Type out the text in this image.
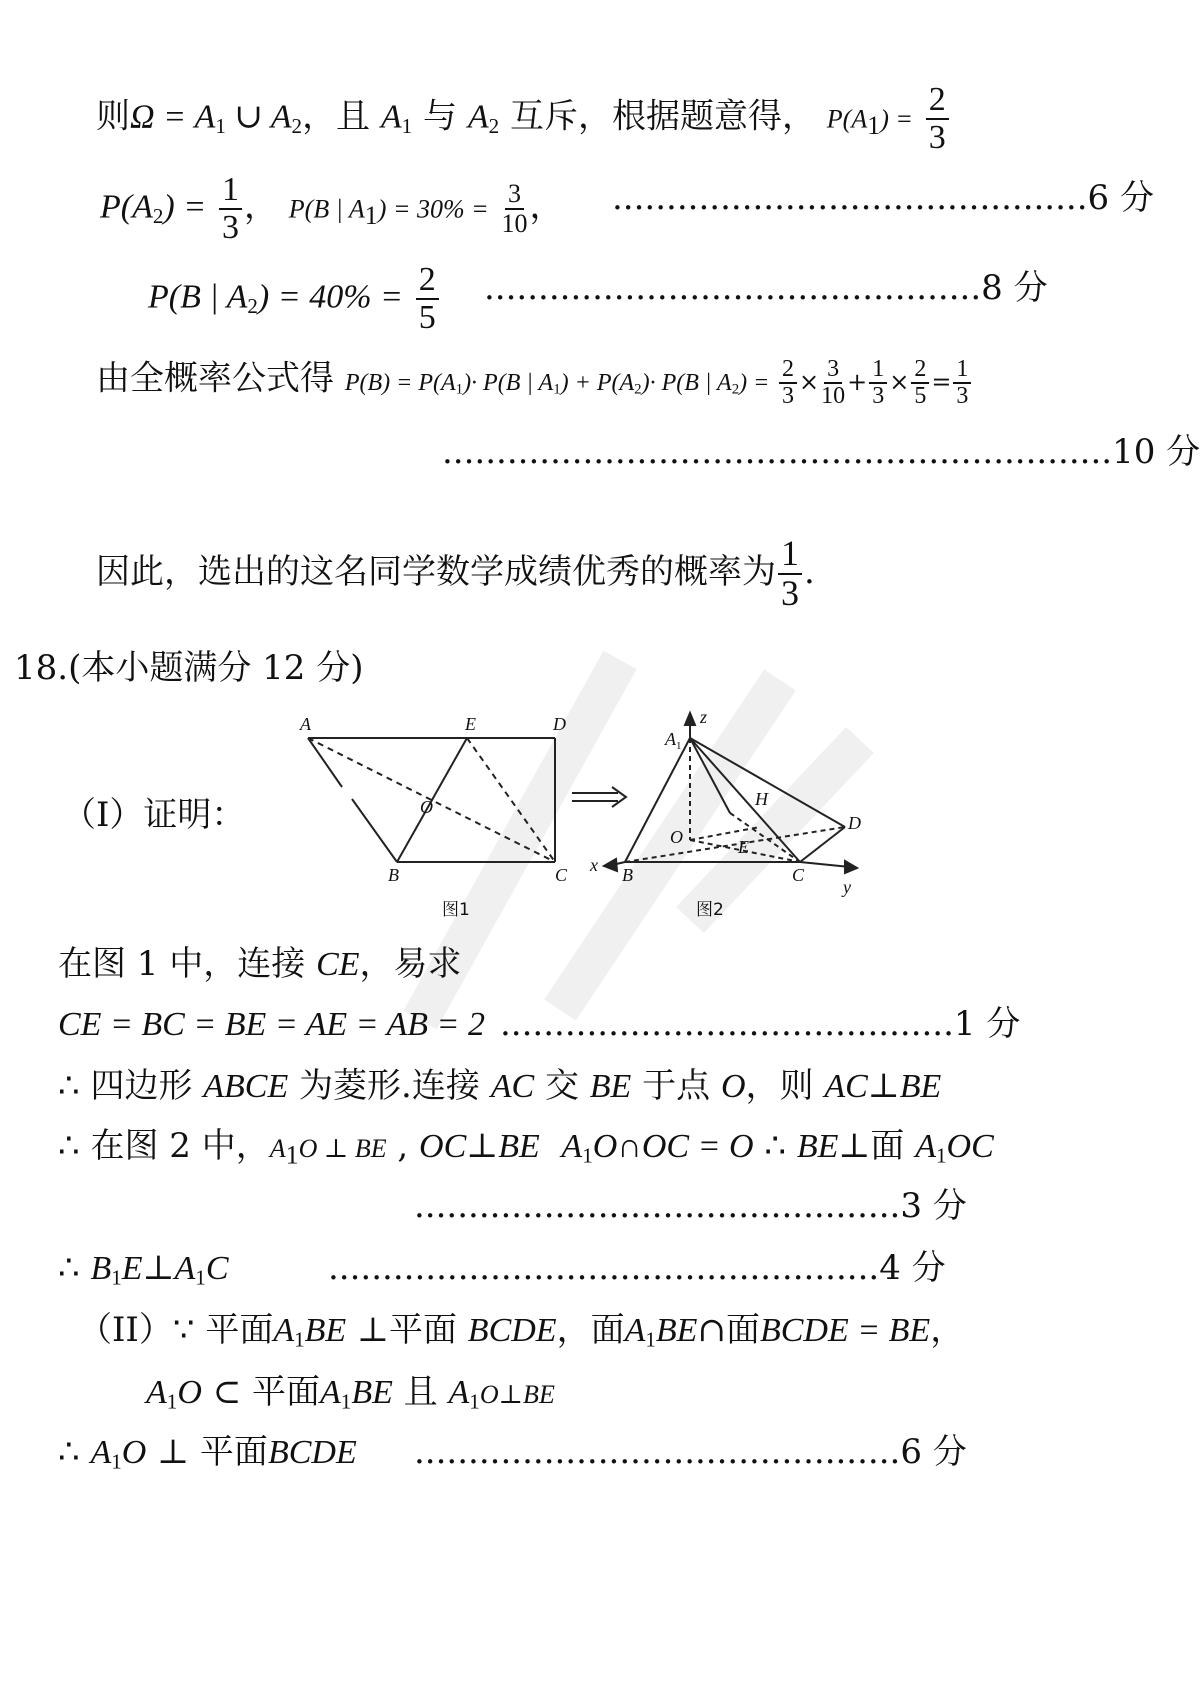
则$\Omega = A_1$ ∪ $A_2$，且 $A_1$ 与 $A_2$ 互斥，根据题意得， $P(A_1) = \frac{2}{3}$
$P(A_2) = \frac{1}{3}$ ， P(B | $A_1) = 30\% = \frac{3}{10}$ ， ............................................6 分
P(B | $A_2) = 40\% = \frac{2}{5} ..............................................8$ 分
由全概率公式得 $P(B) = P(A_1)\cdot P(B$ | $A_1) + P(A_2)\cdot P(B$ | $A_2) = \frac{2}{3} \times \frac{3}{10} + \frac{1}{3} \times \frac{2}{5} = \frac{1}{3}$
..............................................................10 分
因此，选出的这名同学数学成绩优秀的概率为 $\frac{1}{3}$ .
18.(本小题满分 12 分)
（I）证明：
A	E	D
O
B	C
图1
$A_1$
z
H
O
D
E
x B	C
y
图2
在图 1 中，连接 CE，易求
CE = BC = BE = AE = AB = 2 ..........................................1 分
∴ 四边形 ABCE 为菱形.连接 AC 交 BE 于点 O，则 AC⊥BE
∴ 在图 2 中，$A_1O$ ⊥ BE , OC⊥BE $A_1O\cap OC = O$ ∴ BE⊥面 $A_1OC$
.............................................3 分
∴ $B_1E\perp A_1C$	...................................................4 分
（II）∵ 平面$A_1BE$ ⊥平面 BCDE，面$A_1BE\cap$面BCDE = BE，
$A_1O$ ⊂ 平面$A_1BE$ 且 $A_1O\perp BE$
∴ $A_1O$ ⊥ 平面BCDE .............................................6 分
